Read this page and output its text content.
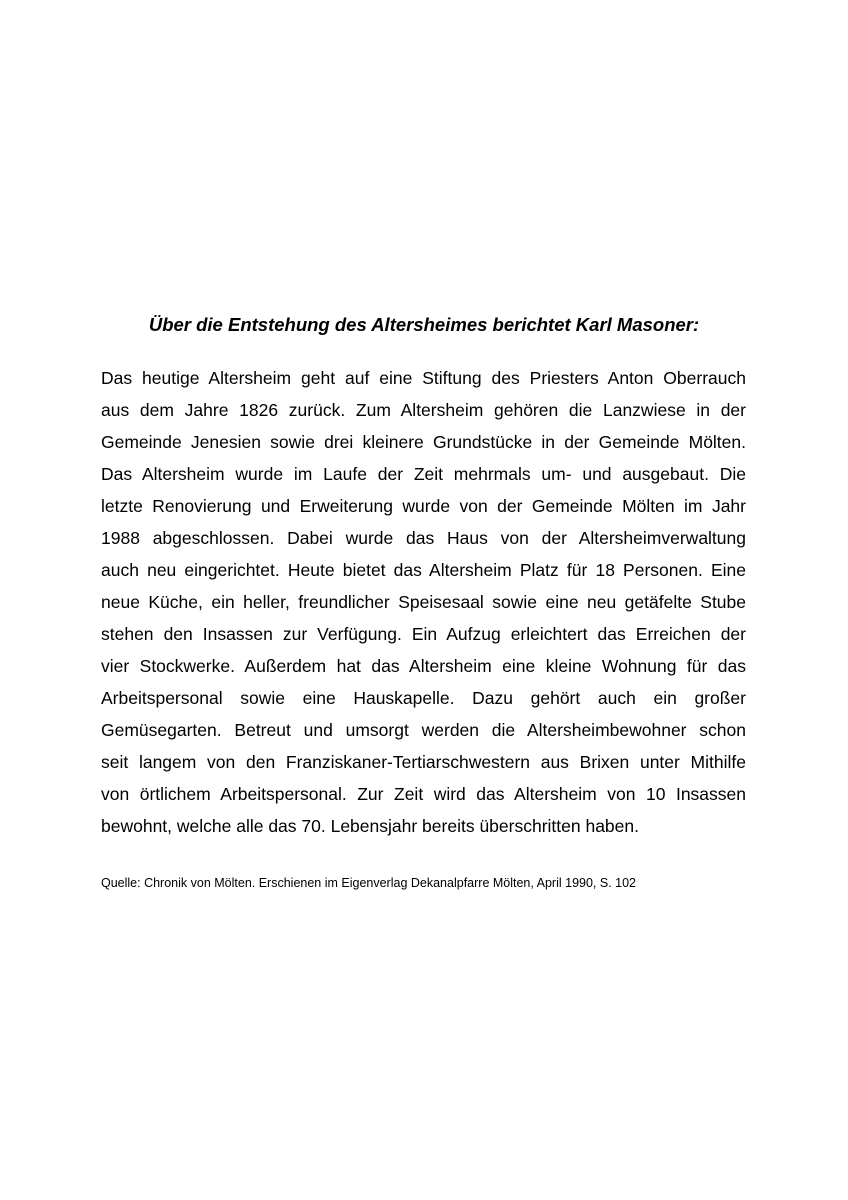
Über die Entstehung des Altersheimes berichtet Karl Masoner:
Das heutige Altersheim geht auf eine Stiftung des Priesters Anton Oberrauch
aus dem Jahre 1826 zurück. Zum Altersheim gehören die Lanzwiese in der
Gemeinde Jenesien sowie drei kleinere Grundstücke in der Gemeinde Mölten.
Das Altersheim wurde im Laufe der Zeit mehrmals um- und ausgebaut. Die
letzte Renovierung und Erweiterung wurde von der Gemeinde Mölten im Jahr
1988 abgeschlossen. Dabei wurde das Haus von der Altersheimverwaltung
auch neu eingerichtet. Heute bietet das Altersheim Platz für 18 Personen. Eine
neue Küche, ein heller, freundlicher Speisesaal sowie eine neu getäfelte Stube
stehen den Insassen zur Verfügung. Ein Aufzug erleichtert das Erreichen der
vier Stockwerke. Außerdem hat das Altersheim eine kleine Wohnung für das
Arbeitspersonal sowie eine Hauskapelle. Dazu gehört auch ein großer
Gemüsegarten. Betreut und umsorgt werden die Altersheimbewohner schon
seit langem von den Franziskaner-Tertiarschwestern aus Brixen unter Mithilfe
von örtlichem Arbeitspersonal. Zur Zeit wird das Altersheim von 10 Insassen
bewohnt, welche alle das 70. Lebensjahr bereits überschritten haben.

Quelle: Chronik von Mölten. Erschienen im Eigenverlag Dekanalpfarre Mölten, April 1990, S. 102
